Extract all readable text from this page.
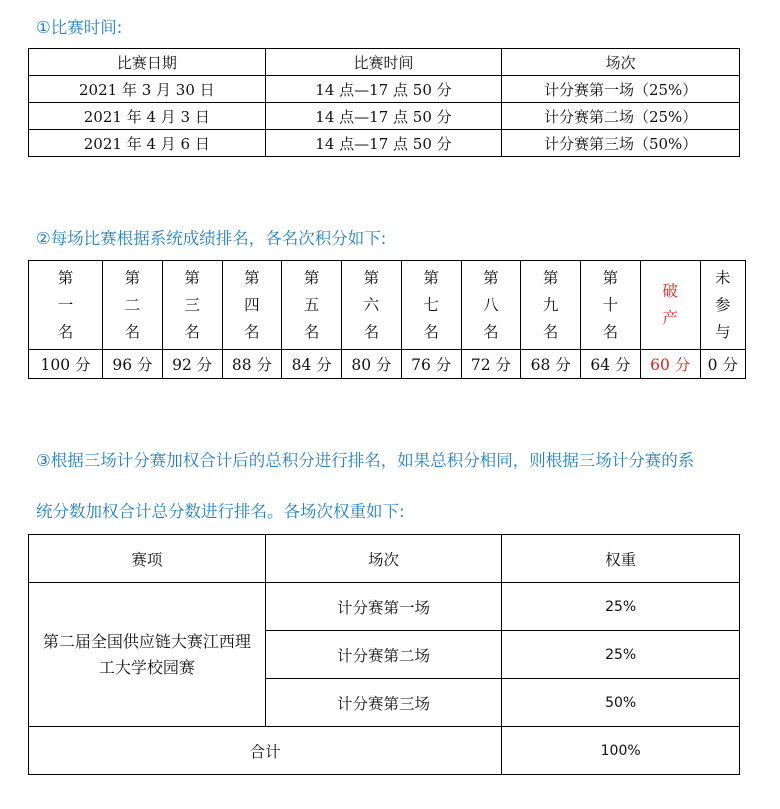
①比赛时间:
比赛日期	比赛时间	场次
2021 年 3 月 30 日	14 点—17 点 50 分	计分赛第一场（25%）
2021 年 4 月 3 日	14 点—17 点 50 分	计分赛第二场（25%）
2021 年 4 月 6 日	14 点—17 点 50 分	计分赛第三场（50%）
②每场比赛根据系统成绩排名，各名次积分如下:
第
一
名	第
二
名	第
三
名	第
四
名	第
五
名	第
六
名	第
七
名	第
八
名	第
九
名	第
十
名	破
产	未
参
与

100 分	96 分	92 分	88 分	84 分	80 分	76 分	72 分	68 分	64 分	60 分	0 分
③根据三场计分赛加权合计后的总积分进行排名，如果总积分相同，则根据三场计分赛的系
统分数加权合计总分数进行排名。各场次权重如下:
赛项	场次	权重
第二届全国供应链大赛江西理工大学校园赛	计分赛第一场	25%
	计分赛第二场	25%
	计分赛第三场	50%
合计		100%
